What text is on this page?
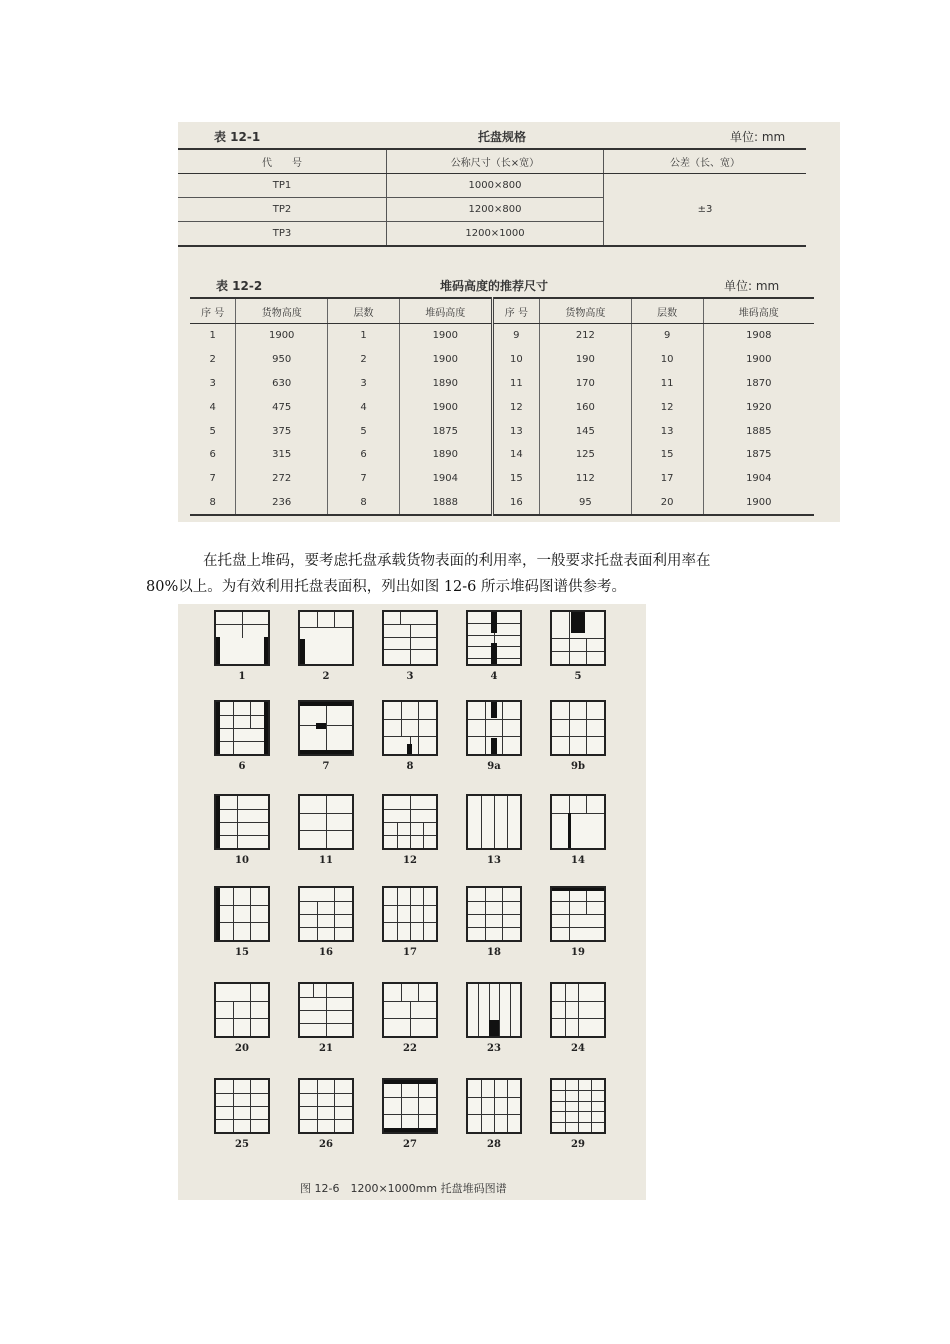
表 12-1	托盘规格	单位: mm
代　　号	公称尺寸（长×宽）	公差（长、宽）
TP1	1000×800	±3
TP2	1200×800	
TP3	1200×1000	
表 12-2	堆码高度的推荐尺寸	单位: mm
序 号	货物高度	层数	堆码高度	序 号	货物高度	层数	堆码高度
1	1900	1	1900	9	212	9	1908
2	950	2	1900	10	190	10	1900
3	630	3	1890	11	170	11	1870
4	475	4	1900	12	160	12	1920
5	375	5	1875	13	145	13	1885
6	315	6	1890	14	125	15	1875
7	272	7	1904	15	112	17	1904
8	236	8	1888	16	95	20	1900
在托盘上堆码，要考虑托盘承载货物表面的利用率，一般要求托盘表面利用率在
80%以上。为有效利用托盘表面积，列出如图 12-6 所示堆码图谱供参考。
1	2	3	4	5
6	7	8	9a	9b
10	11	12	13	14
15	16	17	18	19
20	21	22	23	24
25	26	27	28	29
图 12-6　1200×1000mm 托盘堆码图谱
